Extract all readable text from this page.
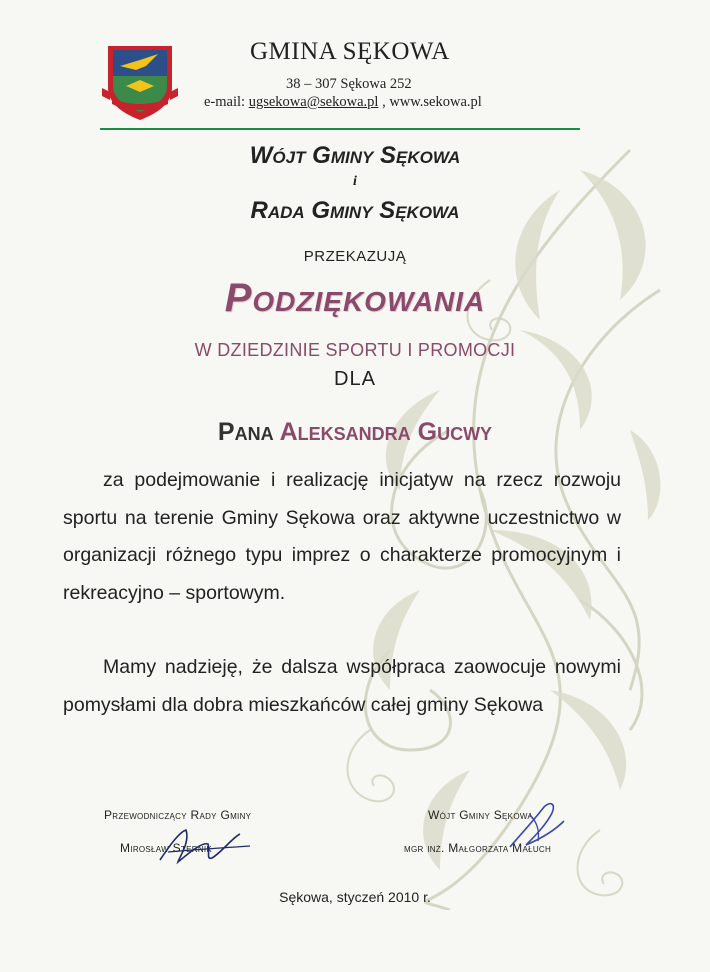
GMINA SĘKOWA
38 – 307 Sękowa 252
e-mail: ugsekowa@sekowa.pl , www.sekowa.pl
Wójt Gminy Sękowa
i
Rada Gminy Sękowa
PRZEKAZUJĄ
Podziękowania
W DZIEDZINIE SPORTU I PROMOCJI
DLA
Pana Aleksandra Gucwy
za podejmowanie i realizację inicjatyw na rzecz rozwoju sportu na terenie Gminy Sękowa oraz aktywne uczestnictwo w organizacji różnego typu imprez o charakterze promocyjnym i rekreacyjno – sportowym.
Mamy nadzieję, że dalsza współpraca zaowocuje nowymi pomysłami dla dobra mieszkańców całej gminy Sękowa
Przewodniczący Rady Gminy
Mirosław Sternik
Wójt Gminy Sękowa
mgr inż. Małgorzata Małuch
Sękowa, styczeń 2010 r.
